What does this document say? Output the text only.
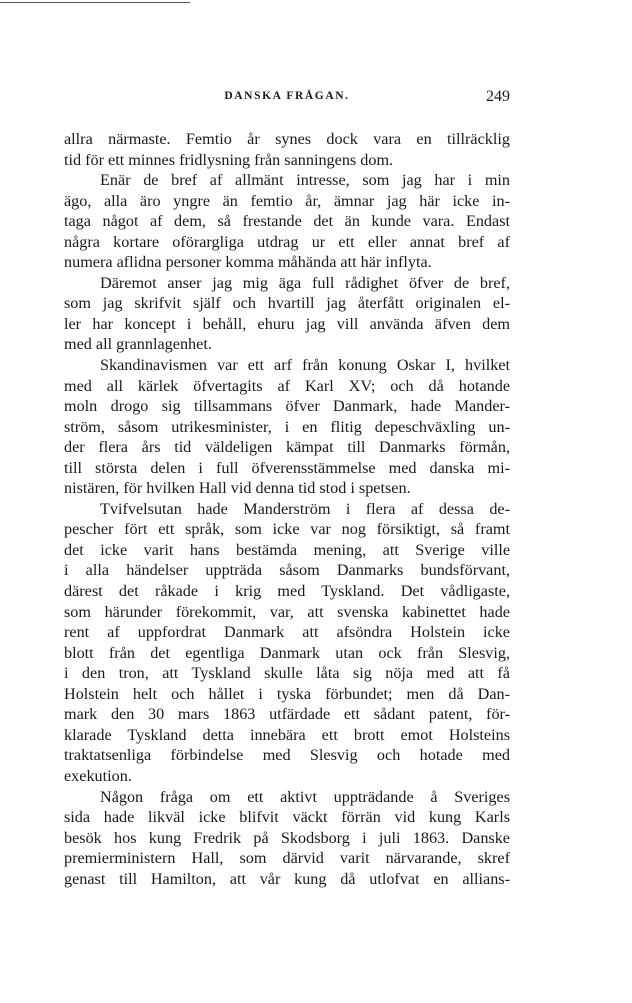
DANSKA FRÅGAN.	249
allra närmaste. Femtio år synes dock vara en tillräcklig
tid för ett minnes fridlysning från sanningens dom.
Enär de bref af allmänt intresse, som jag har i min
ägo, alla äro yngre än femtio år, ämnar jag här icke in-
taga något af dem, så frestande det än kunde vara. Endast
några kortare oförargliga utdrag ur ett eller annat bref af
numera aflidna personer komma måhända att här inflyta.
Däremot anser jag mig äga full rådighet öfver de bref,
som jag skrifvit själf och hvartill jag återfått originalen el-
ler har koncept i behåll, ehuru jag vill använda äfven dem
med all grannlagenhet.
Skandinavismen var ett arf från konung Oskar I, hvilket
med all kärlek öfvertagits af Karl XV; och då hotande
moln drogo sig tillsammans öfver Danmark, hade Mander-
ström, såsom utrikesminister, i en flitig depeschväxling un-
der flera års tid väldeligen kämpat till Danmarks förmån,
till största delen i full öfverensstämmelse med danska mi-
nistären, för hvilken Hall vid denna tid stod i spetsen.
Tvifvelsutan hade Manderström i flera af dessa de-
pescher fört ett språk, som icke var nog försiktigt, så framt
det icke varit hans bestämda mening, att Sverige ville
i alla händelser uppträda såsom Danmarks bundsförvant,
därest det råkade i krig med Tyskland. Det vådligaste,
som härunder förekommit, var, att svenska kabinettet hade
rent af uppfordrat Danmark att afsöndra Holstein icke
blott från det egentliga Danmark utan ock från Slesvig,
i den tron, att Tyskland skulle låta sig nöja med att få
Holstein helt och hållet i tyska förbundet; men då Dan-
mark den 30 mars 1863 utfärdade ett sådant patent, för-
klarade Tyskland detta innebära ett brott emot Holsteins
traktatsenliga förbindelse med Slesvig och hotade med
exekution.
Någon fråga om ett aktivt uppträdande å Sveriges
sida hade likväl icke blifvit väckt förrän vid kung Karls
besök hos kung Fredrik på Skodsborg i juli 1863. Danske
premierministern Hall, som därvid varit närvarande, skref
genast till Hamilton, att vår kung då utlofvat en allians-
